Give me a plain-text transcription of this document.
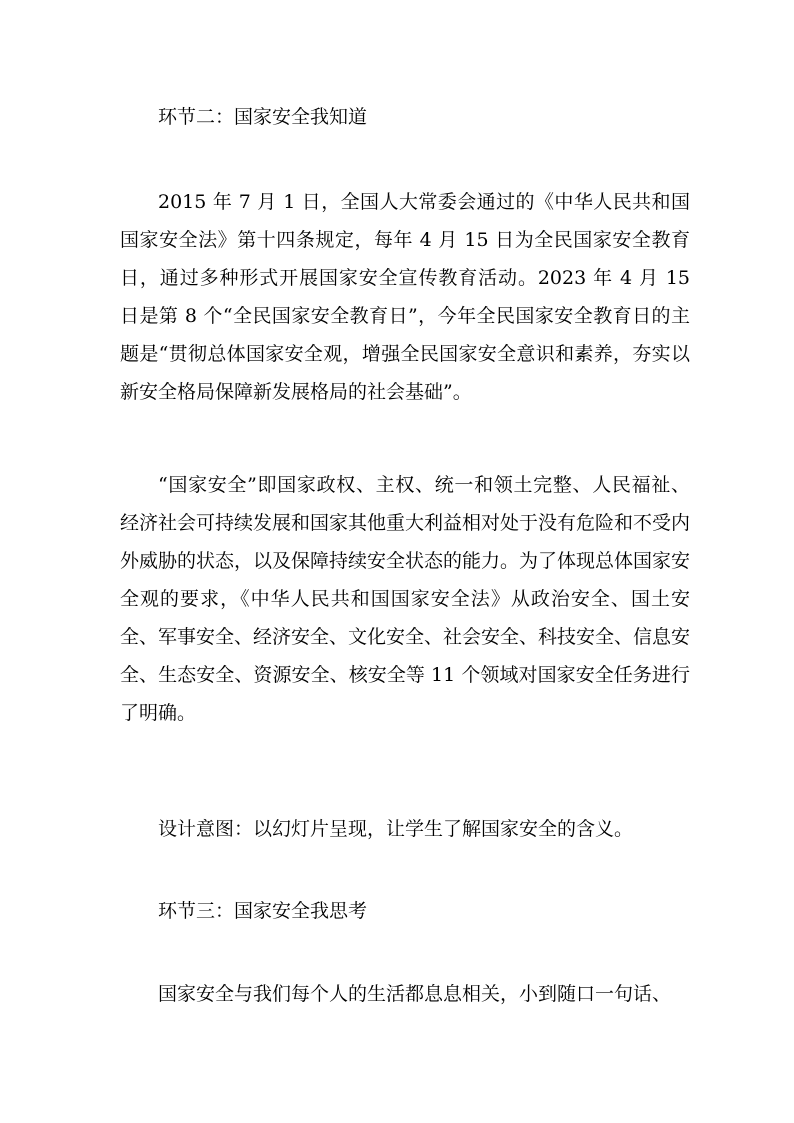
环节二：国家安全我知道

2015 年 7 月 1 日，全国人大常委会通过的《中华人民共和国国家安全法》第十四条规定，每年 4 月 15 日为全民国家安全教育日，通过多种形式开展国家安全宣传教育活动。2023 年 4 月 15 日是第 8 个“全民国家安全教育日”，今年全民国家安全教育日的主题是“贯彻总体国家安全观，增强全民国家安全意识和素养，夯实以新安全格局保障新发展格局的社会基础”。

“国家安全”即国家政权、主权、统一和领土完整、人民福祉、经济社会可持续发展和国家其他重大利益相对处于没有危险和不受内外威胁的状态，以及保障持续安全状态的能力。为了体现总体国家安全观的要求，《中华人民共和国国家安全法》从政治安全、国土安全、军事安全、经济安全、文化安全、社会安全、科技安全、信息安全、生态安全、资源安全、核安全等 11 个领域对国家安全任务进行了明确。

设计意图：以幻灯片呈现，让学生了解国家安全的含义。

环节三：国家安全我思考

国家安全与我们每个人的生活都息息相关，小到随口一句话、
